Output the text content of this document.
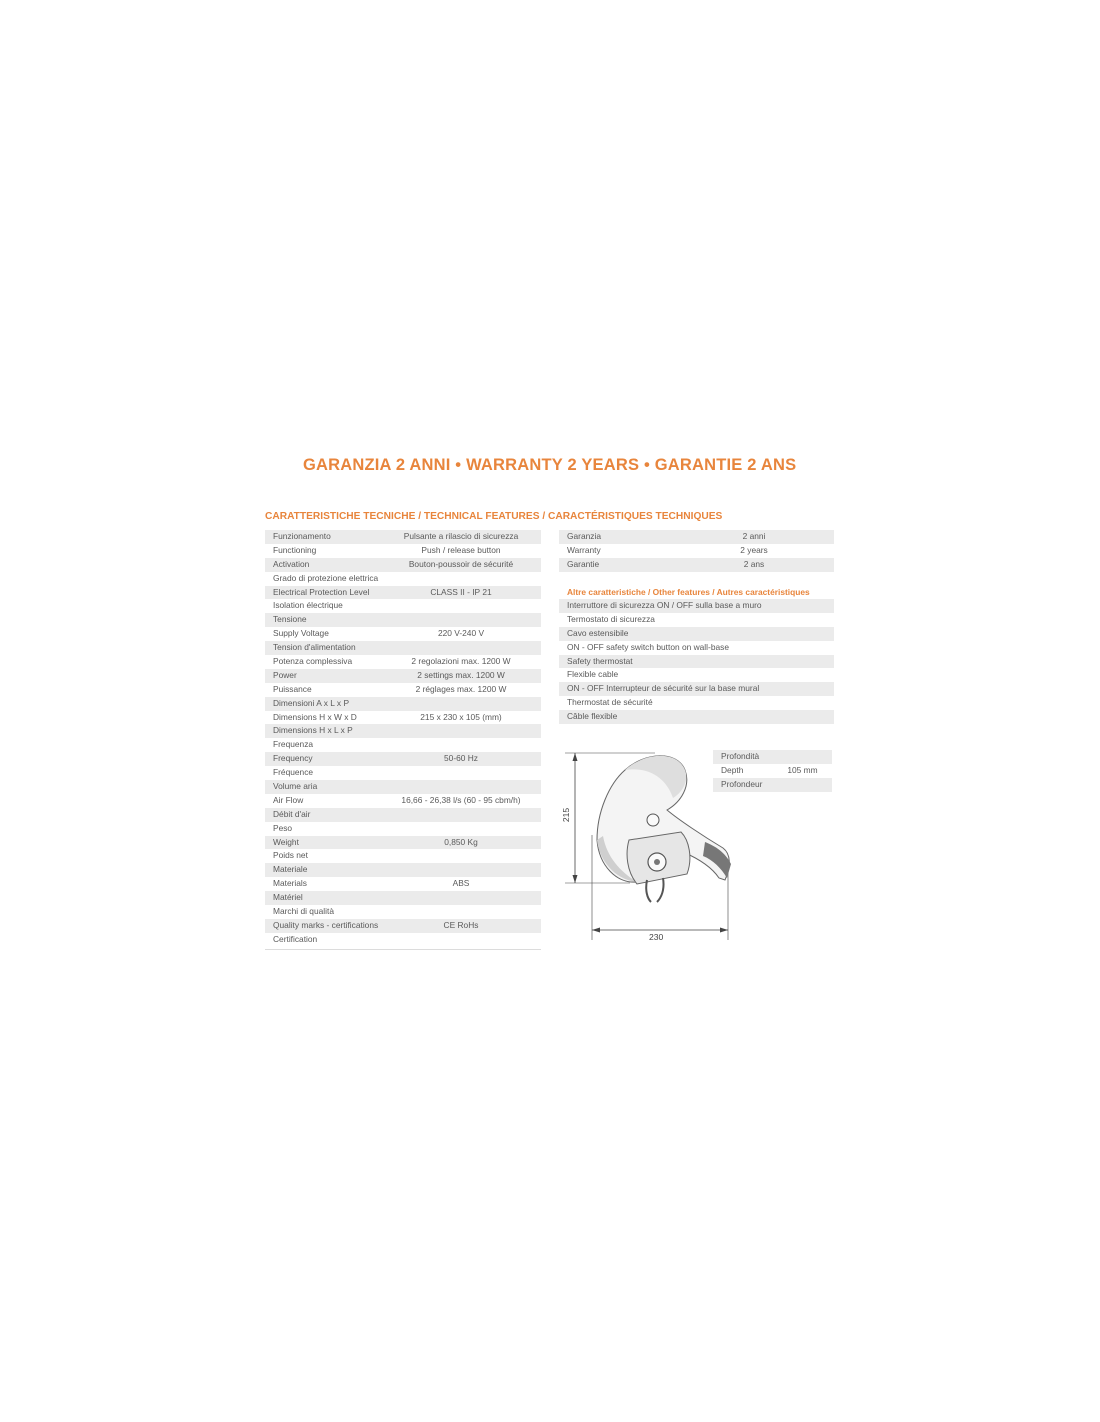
GARANZIA 2 ANNI • WARRANTY 2 YEARS • GARANTIE 2 ANS
CARATTERISTICHE TECNICHE / TECHNICAL FEATURES / CARACTÉRISTIQUES TECHNIQUES
Funzionamento	Pulsante a rilascio di sicurezza
Functioning	Push / release button
Activation	Bouton-poussoir de sécurité
Grado di protezione elettrica
Electrical Protection Level	CLASS II - IP 21
Isolation électrique
Tensione
Supply Voltage	220 V-240 V
Tension d'alimentation
Potenza complessiva	2 regolazioni max. 1200 W
Power	2 settings max. 1200 W
Puissance	2 réglages max. 1200 W
Dimensioni A x L x P
Dimensions H x W x D	215 x 230 x 105 (mm)
Dimensions H x L x P
Frequenza
Frequency	50-60 Hz
Fréquence
Volume aria
Air Flow	16,66 - 26,38 l/s (60 - 95 cbm/h)
Débit d'air
Peso
Weight	0,850 Kg
Poids net
Materiale
Materials	ABS
Matériel
Marchi di qualità
Quality marks - certifications	CE RoHs
Certification
Garanzia	2 anni
Warranty	2 years
Garantie	2 ans
Altre caratteristiche / Other features / Autres caractéristiques
Interruttore di sicurezza ON / OFF sulla base a muro
Termostato di sicurezza
Cavo estensibile
ON - OFF safety switch button on wall-base
Safety thermostat
Flexible cable
ON - OFF Interrupteur de sécurité sur la base mural
Thermostat de sécurité
Câble flexible
215
230
Profondità
Depth	105 mm
Profondeur
